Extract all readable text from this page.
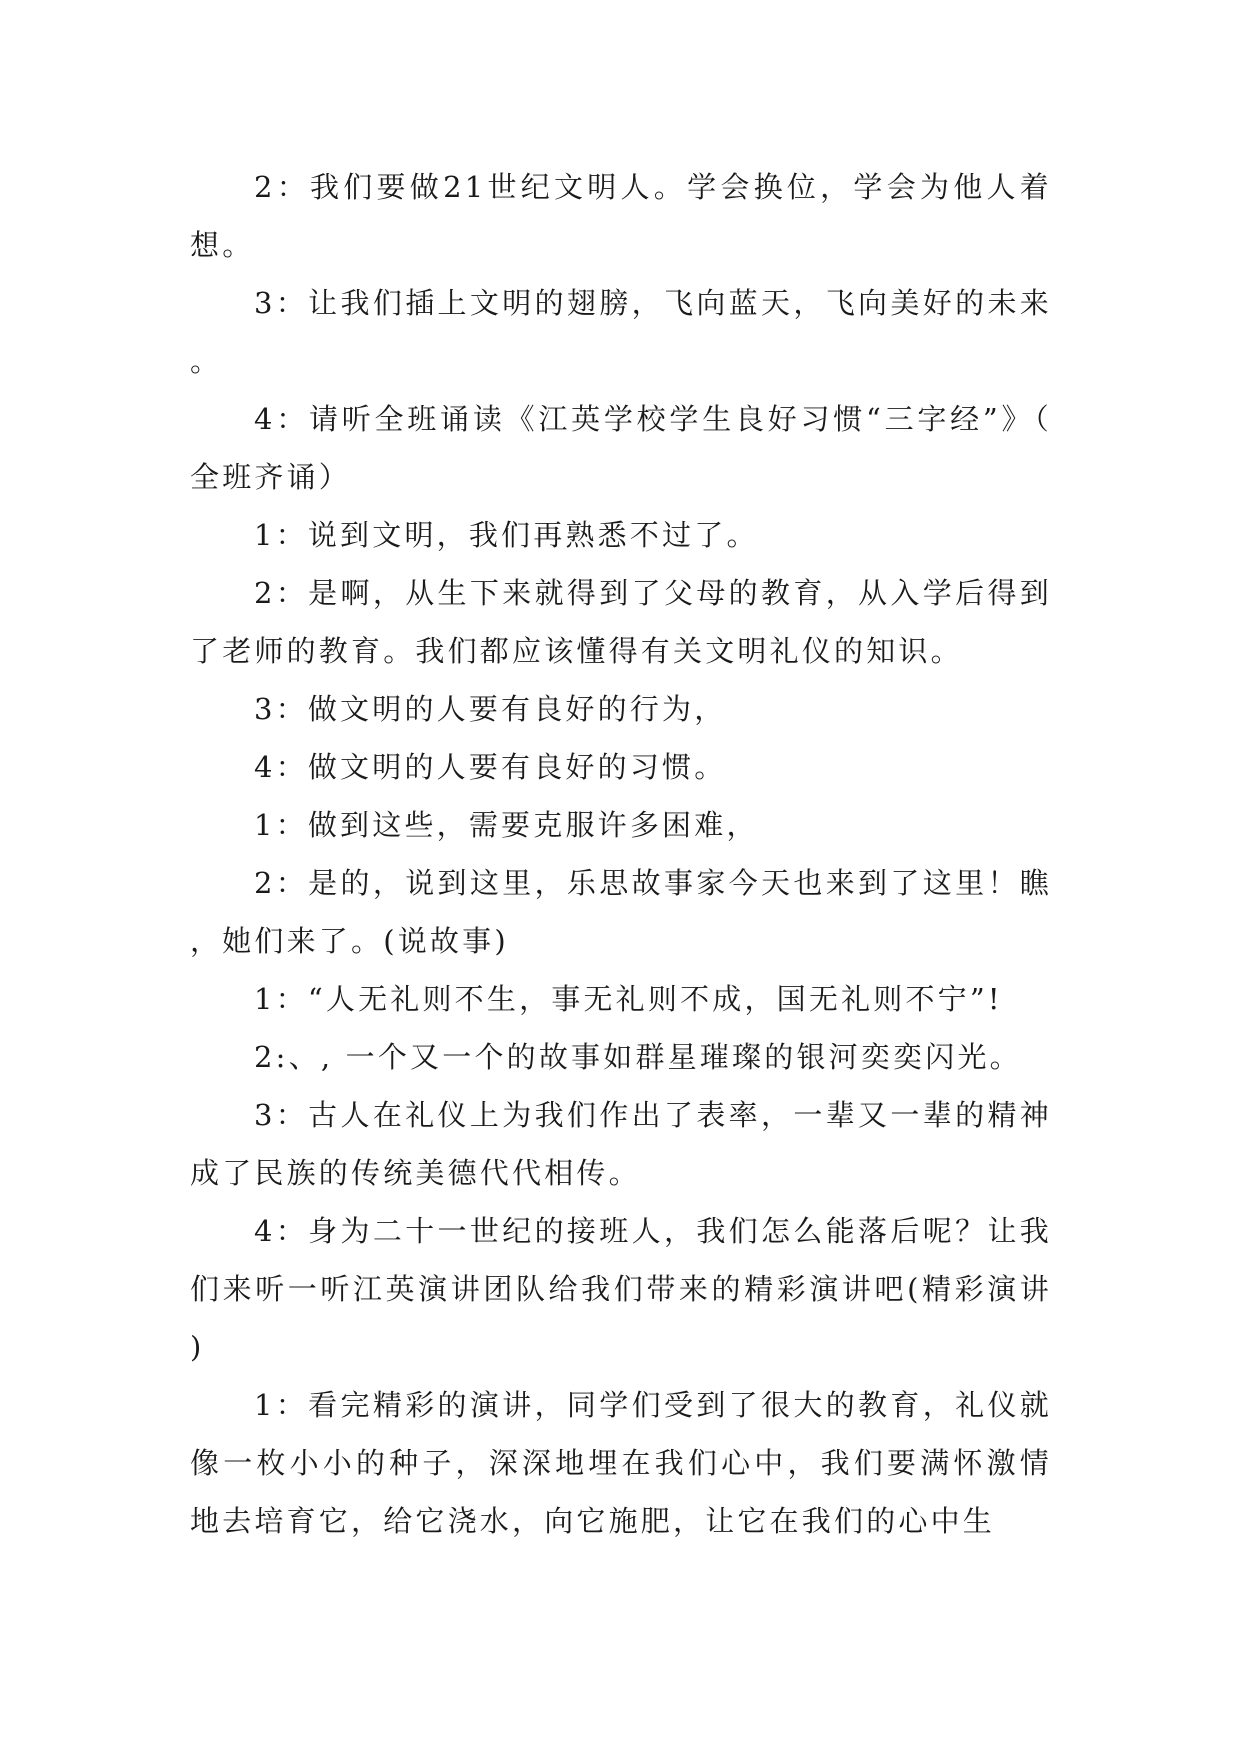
2：我们要做21世纪文明人。学会换位，学会为他人着想。

3：让我们插上文明的翅膀，飞向蓝天，飞向美好的未来。

4：请听全班诵读《江英学校学生良好习惯“三字经”》（全班齐诵）

1：说到文明，我们再熟悉不过了。

2：是啊，从生下来就得到了父母的教育，从入学后得到了老师的教育。我们都应该懂得有关文明礼仪的知识。

3：做文明的人要有良好的行为，

4：做文明的人要有良好的习惯。

1：做到这些，需要克服许多困难，

2：是的，说到这里，乐思故事家今天也来到了这里！瞧，她们来了。(说故事)

1：“人无礼则不生，事无礼则不成，国无礼则不宁”!

2:、, 一个又一个的故事如群星璀璨的银河奕奕闪光。

3：古人在礼仪上为我们作出了表率，一辈又一辈的精神成了民族的传统美德代代相传。

4：身为二十一世纪的接班人，我们怎么能落后呢？让我们来听一听江英演讲团队给我们带来的精彩演讲吧(精彩演讲)

1：看完精彩的演讲，同学们受到了很大的教育，礼仪就像一枚小小的种子，深深地埋在我们心中，我们要满怀激情地去培育它，给它浇水，向它施肥，让它在我们的心中生
